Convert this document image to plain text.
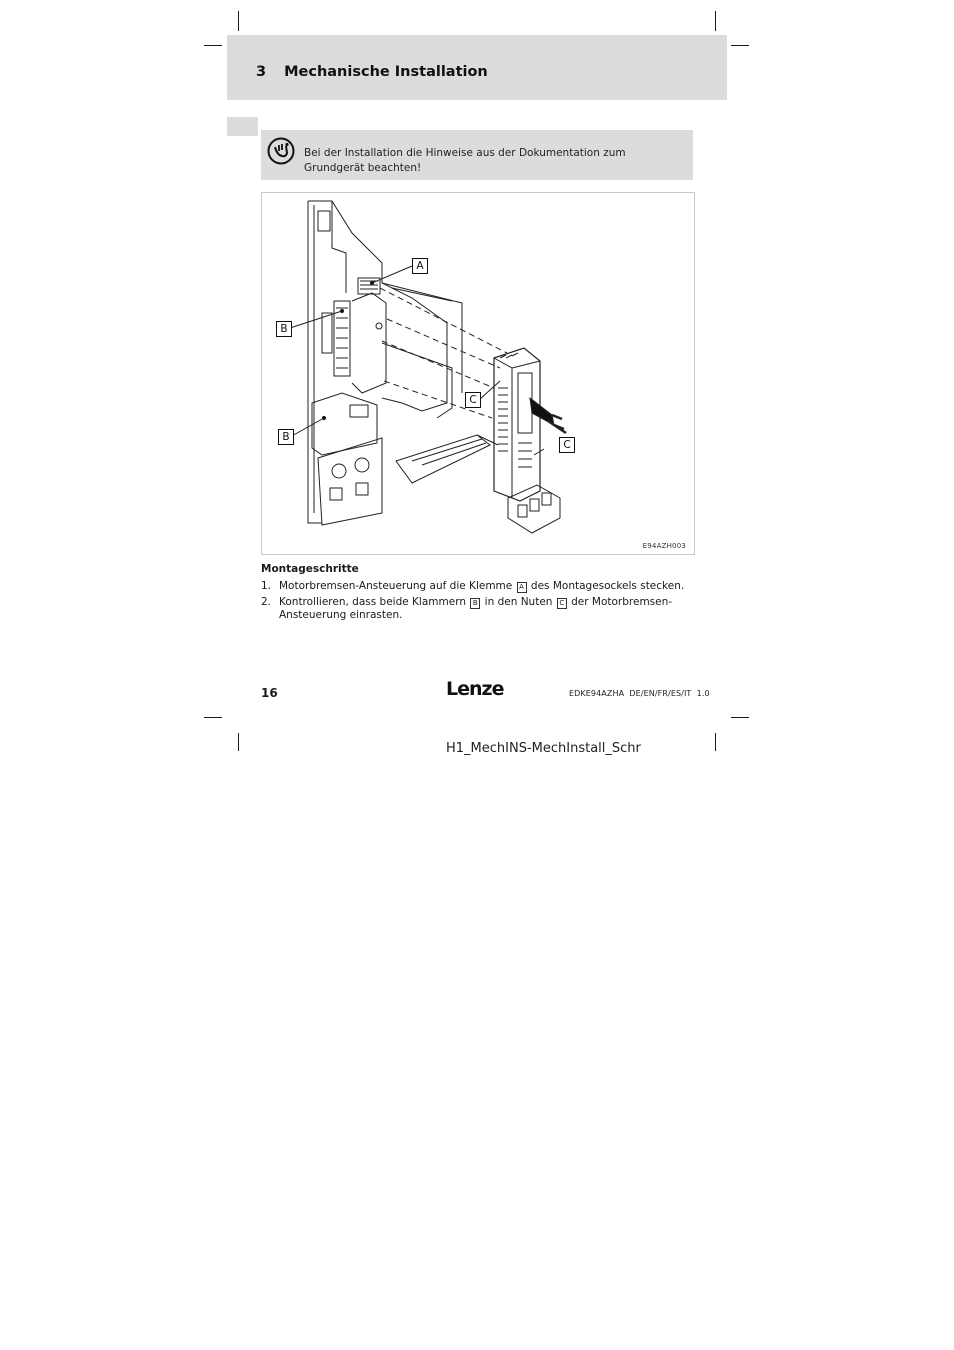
3 Mechanische Installation
Bei der Installation die Hinweise aus der Dokumentation zum Grundgerät beachten!
A
B
B
C
C
E94AZH003
Montageschritte
1. Motorbremsen-Ansteuerung auf die Klemme A des Montagesockels stecken.
2. Kontrollieren, dass beide Klammern B in den Nuten C der Motorbremsen-Ansteuerung einrasten.
16	Lenze	EDKE94AZHA  DE/EN/FR/ES/IT  1.0
H1_MechINS-MechInstall_Schr
